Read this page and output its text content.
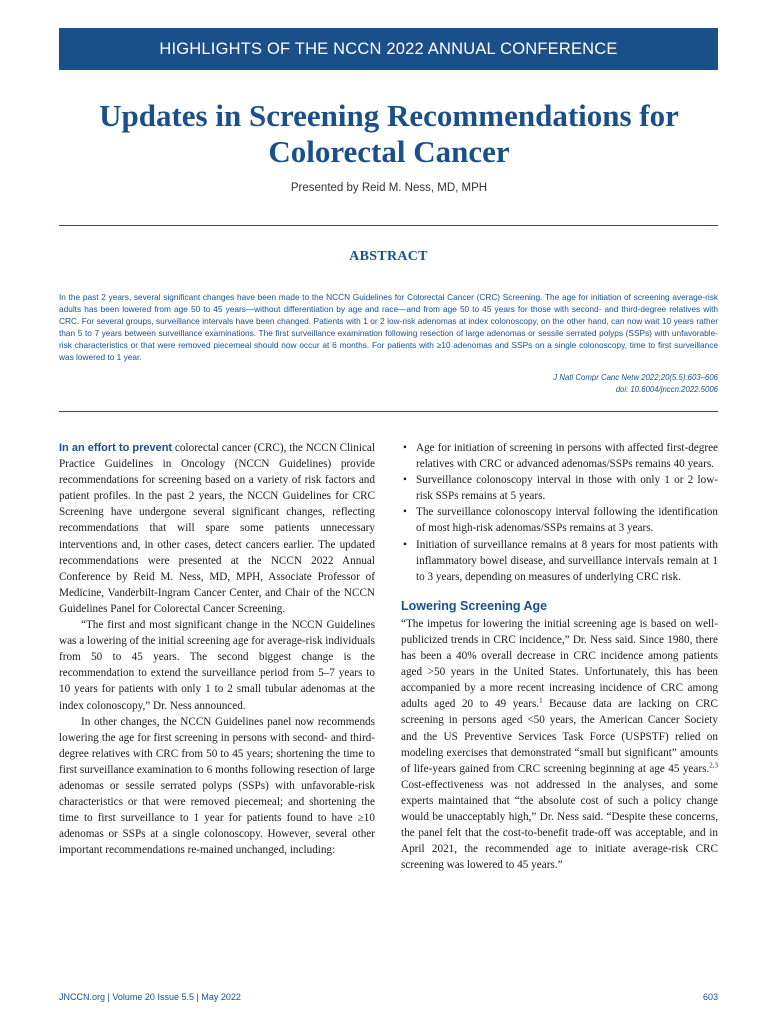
HIGHLIGHTS OF THE NCCN 2022 ANNUAL CONFERENCE
Updates in Screening Recommendations for
Colorectal Cancer
Presented by Reid M. Ness, MD, MPH
ABSTRACT

In the past 2 years, several significant changes have been made to the NCCN Guidelines for Colorectal Cancer (CRC) Screening. The age for initiation of screening average-risk adults has been lowered from age 50 to 45 years—without differentiation by age and race—and from age 50 to 45 years for those with second- and third-degree relatives with CRC. For several groups, surveillance intervals have been changed. Patients with 1 or 2 low-risk adenomas at index colonoscopy, on the other hand, can now wait 10 years rather than 5 to 7 years between surveillance examinations. The first surveillance examination following resection of large adenomas or sessile serrated polyps (SSPs) with unfavorable-risk characteristics or that were removed piecemeal should now occur at 6 months. For patients with ≥10 adenomas and SSPs on a single colonoscopy, time to first surveillance was lowered to 1 year.

J Natl Compr Canc Netw 2022;20(5.5):603–606
doi: 10.6004/jnccn.2022.5006

In an effort to prevent colorectal cancer (CRC), the NCCN Clinical Practice Guidelines in Oncology (NCCN Guidelines) provide recommendations for screening based on a variety of risk factors and patient profiles. In the past 2 years, the NCCN Guidelines for CRC Screening have undergone several significant changes, reflecting recommendations that will spare some patients unnecessary interventions and, in other cases, detect cancers earlier. The updated recommendations were presented at the NCCN 2022 Annual Conference by Reid M. Ness, MD, MPH, Associate Professor of Medicine, Vanderbilt-Ingram Cancer Center, and Chair of the NCCN Guidelines Panel for Colorectal Cancer Screening.

“The first and most significant change in the NCCN Guidelines was a lowering of the initial screening age for average-risk individuals from 50 to 45 years. The second biggest change is the recommendation to extend the surveillance period from 5–7 years to 10 years for patients with only 1 to 2 small tubular adenomas at the index colonoscopy,” Dr. Ness announced.

In other changes, the NCCN Guidelines panel now recommends lowering the age for first screening in persons with second- and third-degree relatives with CRC from 50 to 45 years; shortening the time to first surveillance examination to 6 months following resection of large adenomas or sessile serrated polyps (SSPs) with unfavorable-risk characteristics or that were removed piecemeal; and shortening the time to first surveillance to 1 year for patients found to have ≥10 adenomas or SSPs at a single colonoscopy. However, several other important recommendations re-mained unchanged, including:

• Age for initiation of screening in persons with affected first-degree relatives with CRC or advanced adenomas/SSPs remains 40 years.
• Surveillance colonoscopy interval in those with only 1 or 2 low-risk SSPs remains at 5 years.
• The surveillance colonoscopy interval following the identification of most high-risk adenomas/SSPs remains at 3 years.
• Initiation of surveillance remains at 8 years for most patients with inflammatory bowel disease, and surveillance intervals remain at 1 to 3 years, depending on measures of underlying CRC risk.
Lowering Screening Age

“The impetus for lowering the initial screening age is based on well-publicized trends in CRC incidence,” Dr. Ness said. Since 1980, there has been a 40% overall decrease in CRC incidence among patients aged >50 years in the United States. Unfortunately, this has been accompanied by a more recent increasing incidence of CRC among adults aged 20 to 49 years.$^1$ Because data are lacking on CRC screening in persons aged <50 years, the American Cancer Society and the US Preventive Services Task Force (USPSTF) relied on modeling exercises that demonstrated “small but significant” amounts of life-years gained from CRC screening beginning at age 45 years.$^{2,3}$ Cost-effectiveness was not addressed in the analyses, and some experts maintained that “the absolute cost of such a policy change would be unacceptably high,” Dr. Ness said. “Despite these concerns, the panel felt that the cost-to-benefit trade-off was acceptable, and in April 2021, the recommended age to initiate average-risk CRC screening was lowered to 45 years.”

JNCCN.org | Volume 20 Issue 5.5 | May 2022	603
